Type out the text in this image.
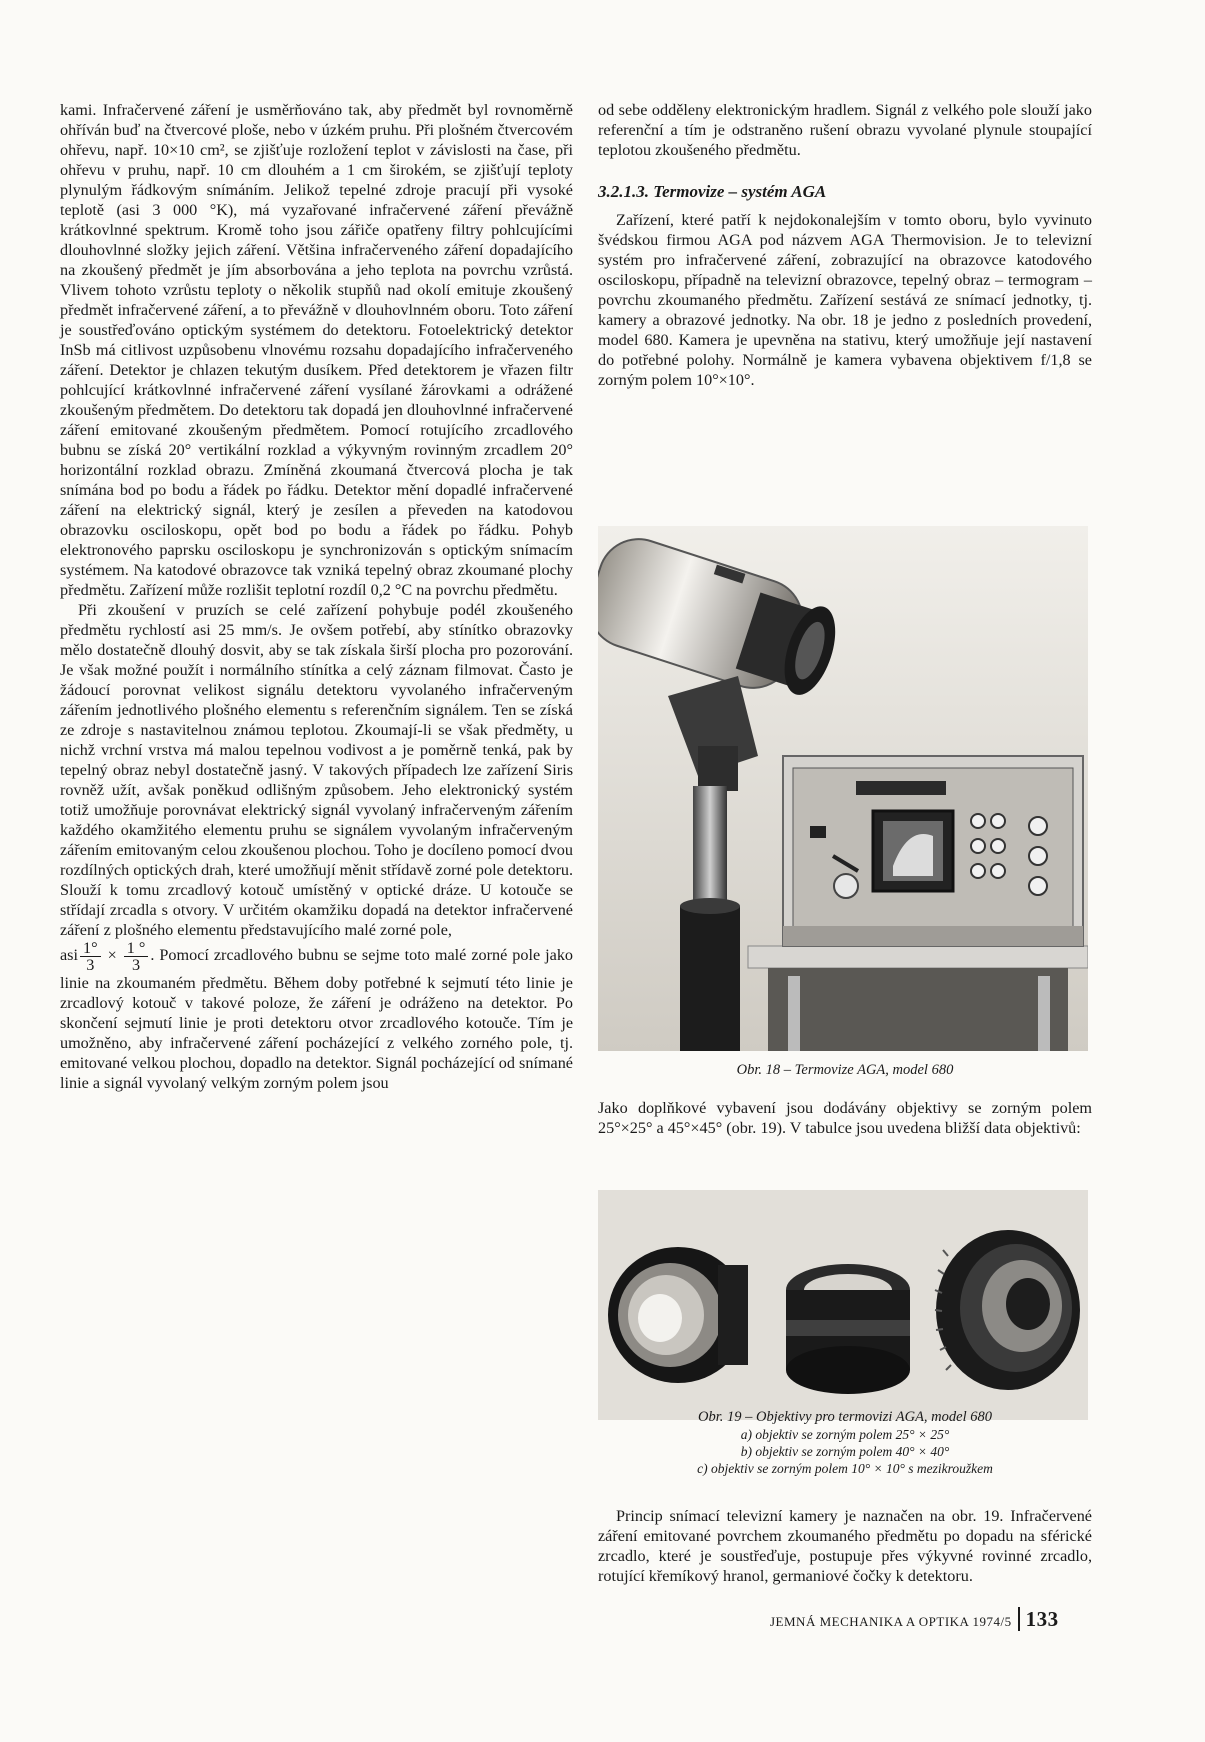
kami. Infračervené záření je usměrňováno tak, aby předmět byl rovnoměrně ohříván buď na čtvercové ploše, nebo v úzkém pruhu. Při plošném čtvercovém ohřevu, např. 10×10 cm², se zjišťuje rozložení teplot v závislosti na čase, při ohřevu v pruhu, např. 10 cm dlouhém a 1 cm širokém, se zjišťují teploty plynulým řádkovým snímáním. Jelikož tepelné zdroje pracují při vysoké teplotě (asi 3 000 °K), má vyzařované infračervené záření převážně krátkovlnné spektrum. Kromě toho jsou zářiče opatřeny filtry pohlcujícími dlouhovlnné složky jejich záření. Většina infračerveného záření dopadajícího na zkoušený předmět je jím absorbována a jeho teplota na povrchu vzrůstá. Vlivem tohoto vzrůstu teploty o několik stupňů nad okolí emituje zkoušený předmět infračervené záření, a to převážně v dlouhovlnném oboru. Toto záření je soustřeďováno optickým systémem do detektoru. Fotoelektrický detektor InSb má citlivost uzpůsobenu vlnovému rozsahu dopadajícího infračerveného záření. Detektor je chlazen tekutým dusíkem. Před detektorem je vřazen filtr pohlcující krátkovlnné infračervené záření vysílané žárovkami a odrážené zkoušeným předmětem. Do detektoru tak dopadá jen dlouhovlnné infračervené záření emitované zkoušeným předmětem. Pomocí rotujícího zrcadlového bubnu se získá 20° vertikální rozklad a výkyvným rovinným zrcadlem 20° horizontální rozklad obrazu. Zmíněná zkoumaná čtvercová plocha je tak snímána bod po bodu a řádek po řádku. Detektor mění dopadlé infračervené záření na elektrický signál, který je zesílen a převeden na katodovou obrazovku osciloskopu, opět bod po bodu a řádek po řádku. Pohyb elektronového paprsku osciloskopu je synchronizován s optickým snímacím systémem. Na katodové obrazovce tak vzniká tepelný obraz zkoumané plochy předmětu. Zařízení může rozlišit teplotní rozdíl 0,2 °C na povrchu předmětu.

Při zkoušení v pruzích se celé zařízení pohybuje podél zkoušeného předmětu rychlostí asi 25 mm/s. Je ovšem potřebí, aby stínítko obrazovky mělo dostatečně dlouhý dosvit, aby se tak získala širší plocha pro pozorování. Je však možné použít i normálního stínítka a celý záznam filmovat. Často je žádoucí porovnat velikost signálu detektoru vyvolaného infračerveným zářením jednotlivého plošného elementu s referenčním signálem. Ten se získá ze zdroje s nastavitelnou známou teplotou. Zkoumají-li se však předměty, u nichž vrchní vrstva má malou tepelnou vodivost a je poměrně tenká, pak by tepelný obraz nebyl dostatečně jasný. V takových případech lze zařízení Siris rovněž užít, avšak poněkud odlišným způsobem. Jeho elektronický systém totiž umožňuje porovnávat elektrický signál vyvolaný infračerveným zářením každého okamžitého elementu pruhu se signálem vyvolaným infračerveným zářením emitovaným celou zkoušenou plochou. Toho je docíleno pomocí dvou rozdílných optických drah, které umožňují měnit střídavě zorné pole detektoru. Slouží k tomu zrcadlový kotouč umístěný v optické dráze. U kotouče se střídají zrcadla s otvory. V určitém okamžiku dopadá na detektor infračervené záření z plošného elementu představujícího malé zorné pole,

asi $\frac{1^\circ}{3} \times \frac{1 ^\circ}{3}$ . Pomocí zrcadlového bubnu se sejme toto malé zorné pole jako linie na zkoumaném předmětu. Během doby potřebné k sejmutí této linie je zrcadlový kotouč v takové poloze, že záření je odráženo na detektor. Po skončení sejmutí linie je proti detektoru otvor zrcadlového kotouče. Tím je umožněno, aby infračervené záření pocházející z velkého zorného pole, tj. emitované velkou plochou, dopadlo na detektor. Signál pocházející od snímané linie a signál vyvolaný velkým zorným polem jsou

od sebe odděleny elektronickým hradlem. Signál z velkého pole slouží jako referenční a tím je odstraněno rušení obrazu vyvolané plynule stoupající teplotou zkoušeného předmětu.

3.2.1.3. Termovize – systém AGA

Zařízení, které patří k nejdokonalejším v tomto oboru, bylo vyvinuto švédskou firmou AGA pod názvem AGA Thermovision. Je to televizní systém pro infračervené záření, zobrazující na obrazovce katodového osciloskopu, případně na televizní obrazovce, tepelný obraz – termogram – povrchu zkoumaného předmětu. Zařízení sestává ze snímací jednotky, tj. kamery a obrazové jednotky. Na obr. 18 je jedno z posledních provedení, model 680. Kamera je upevněna na stativu, který umožňuje její nastavení do potřebné polohy. Normálně je kamera vybavena objektivem f/1,8 se zorným polem 10°×10°.

Obr. 18 – Termovize AGA, model 680
Jako doplňkové vybavení jsou dodávány objektivy se zorným polem 25°×25° a 45°×45° (obr. 19). V tabulce jsou uvedena bližší data objektivů:
Obr. 19 – Objektivy pro termovizi AGA, model 680
a) objektiv se zorným polem 25° × 25°
b) objektiv se zorným polem 40° × 40°
c) objektiv se zorným polem 10° × 10° s mezikroužkem
Princip snímací televizní kamery je naznačen na obr. 19. Infračervené záření emitované povrchem zkoumaného předmětu po dopadu na sférické zrcadlo, které je soustřeďuje, postupuje přes výkyvné rovinné zrcadlo, rotující křemíkový hranol, germaniové čočky k detektoru.
JEMNÁ MECHANIKA A OPTIKA 1974/5 133
